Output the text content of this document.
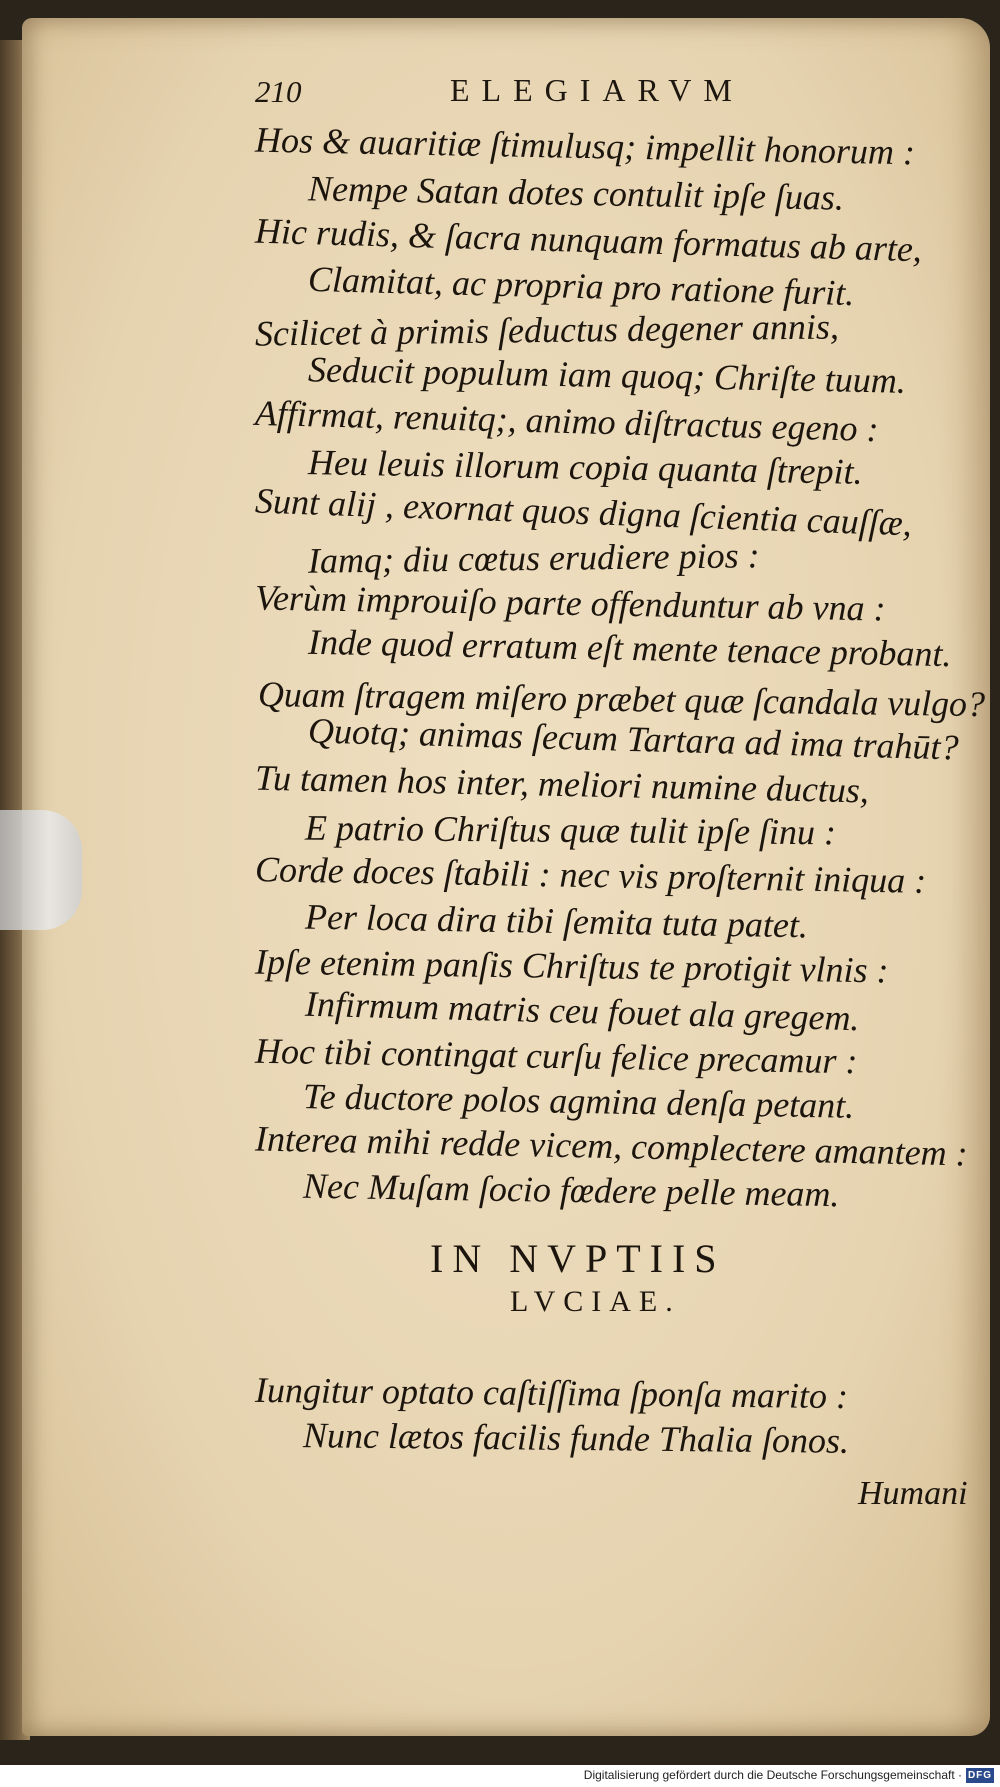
210	ELEGIARVM
Hos & auaritiæ ſtimulusq; impellit honorum :
Nempe Satan dotes contulit ipſe ſuas.
Hic rudis, & ſacra nunquam formatus ab arte,
Clamitat, ac propria pro ratione furit.
Scilicet à primis ſeductus degener annis,
Seducit populum iam quoq; Chriſte tuum.
Affirmat, renuitq;, animo diſtractus egeno :
Heu leuis illorum copia quanta ſtrepit.
Sunt alij , exornat quos digna ſcientia cauſſæ,
Iamq; diu cœtus erudiere pios :
Verùm improuiſo parte offenduntur ab vna :
Inde quod erratum eſt mente tenace probant.
Quam ſtragem miſero præbet quæ ſcandala vulgo?
Quotq; animas ſecum Tartara ad ima trahūt?
Tu tamen hos inter, meliori numine ductus,
E patrio Chriſtus quæ tulit ipſe ſinu :
Corde doces ſtabili : nec vis proſternit iniqua :
Per loca dira tibi ſemita tuta patet.
Ipſe etenim panſis Chriſtus te protigit vlnis :
Infirmum matris ceu fouet ala gregem.
Hoc tibi contingat curſu felice precamur :
Te ductore polos agmina denſa petant.
Interea mihi redde vicem, complectere amantem :
Nec Muſam ſocio fœdere pelle meam.
IN NVPTIIS
LVCIAE.
Iungitur optato caſtiſſima ſponſa marito :
Nunc lætos facilis funde Thalia ſonos.
Humani
Digitalisierung gefördert durch die Deutsche Forschungsgemeinschaft · DFG
